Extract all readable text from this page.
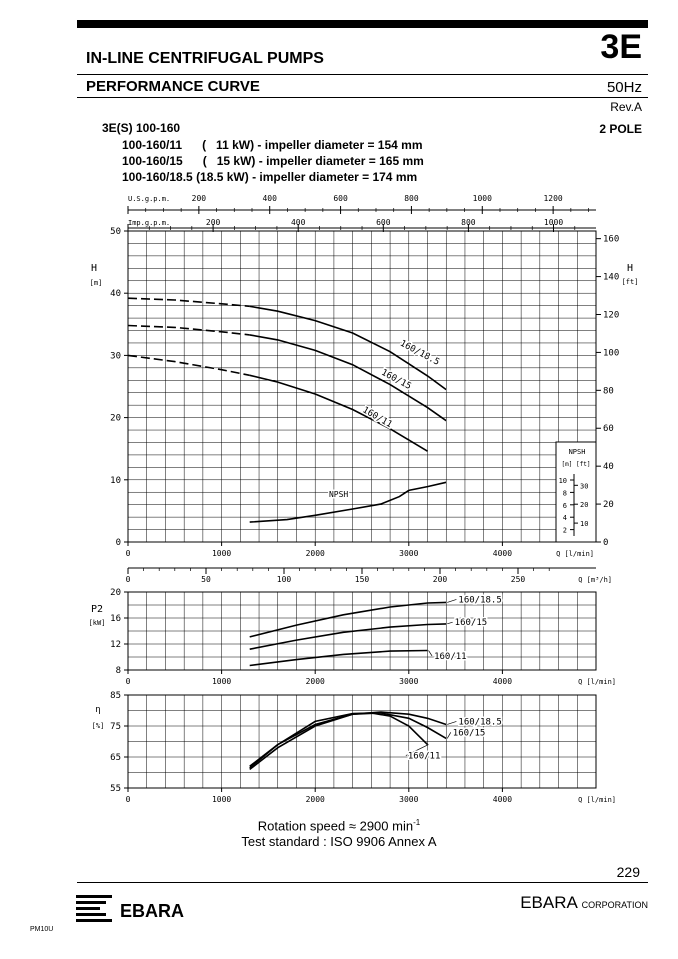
IN-LINE CENTRIFUGAL PUMPS	3E
PERFORMANCE CURVE	50Hz
Rev.A
2 POLE
3E(S) 100-160
100-160/11      (   11 kW) - impeller diameter = 154 mm
100-160/15      (   15 kW) - impeller diameter = 165 mm
100-160/18.5 (18.5 kW) - impeller diameter = 174 mm
U.S.g.p.m.
Imp.g.p.m.
200	400	600	800	1000	1200
200	400	600	800	1000
0
10
20
30
40
50
H
[m]
0
20
40
60
80
100
120
140
160
H
[ft]
0	1000	2000	3000	4000	Q [l/min]
NPSH
[m] [ft]
2
4
6
8
10
10
20
30
160/18.5
160/15
160/11
NPSH
0	50	100	150	200	250	Q [m³/h]
8
12
16
20
P2
[kW]
0	1000	2000	3000	4000	Q [l/min]
160/18.5
160/15
160/11
55
65
75
85
η
[%]
0	1000	2000	3000	4000	Q [l/min]
160/18.5
160/15
160/11
Rotation speed ≈ 2900 $\min^{-1}$
Test standard : ISO 9906 Annex A
229
EBARA	EBARA CORPORATION
PM10U
